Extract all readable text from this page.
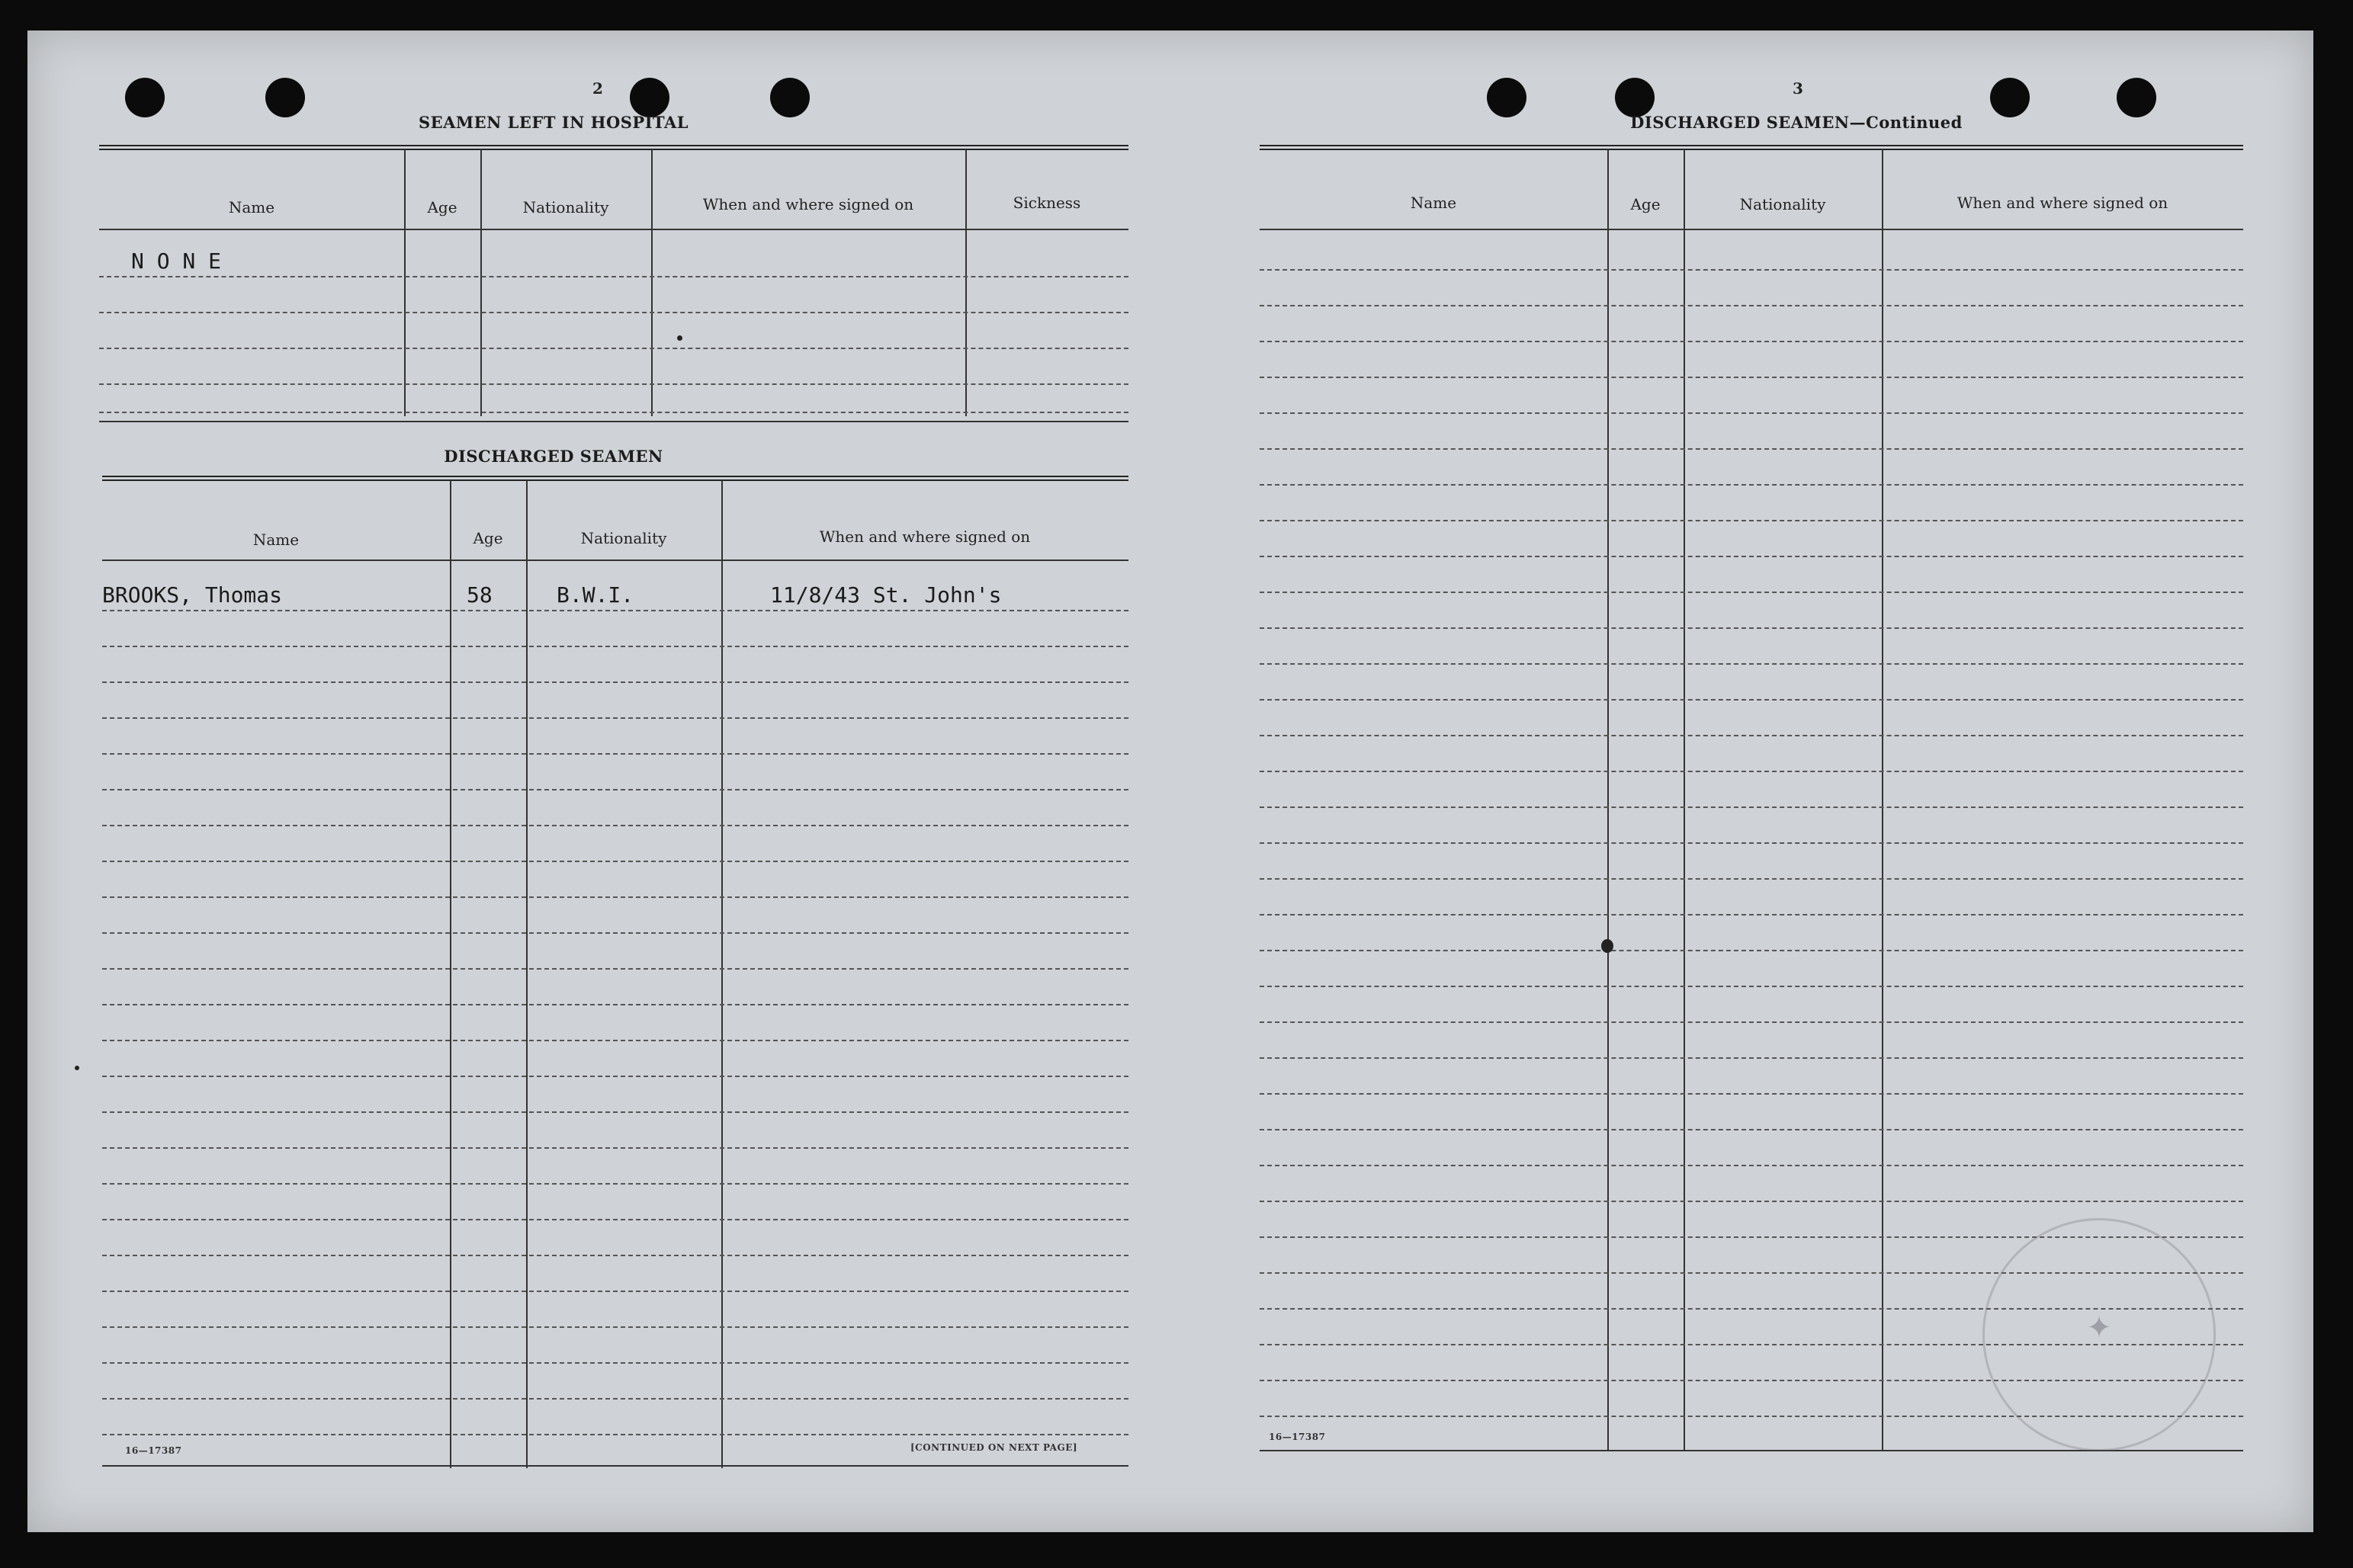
2
SEAMEN LEFT IN HOSPITAL
Name	Age	Nationality	When and where signed on	Sickness
N O N E
DISCHARGED SEAMEN
Name	Age	Nationality	When and where signed on
BROOKS, Thomas	58	B.W.I.	11/8/43 St. John's
16—17387	[CONTINUED ON NEXT PAGE]
3
DISCHARGED SEAMEN—Continued
Name	Age	Nationality	When and where signed on
✦
16—17387
